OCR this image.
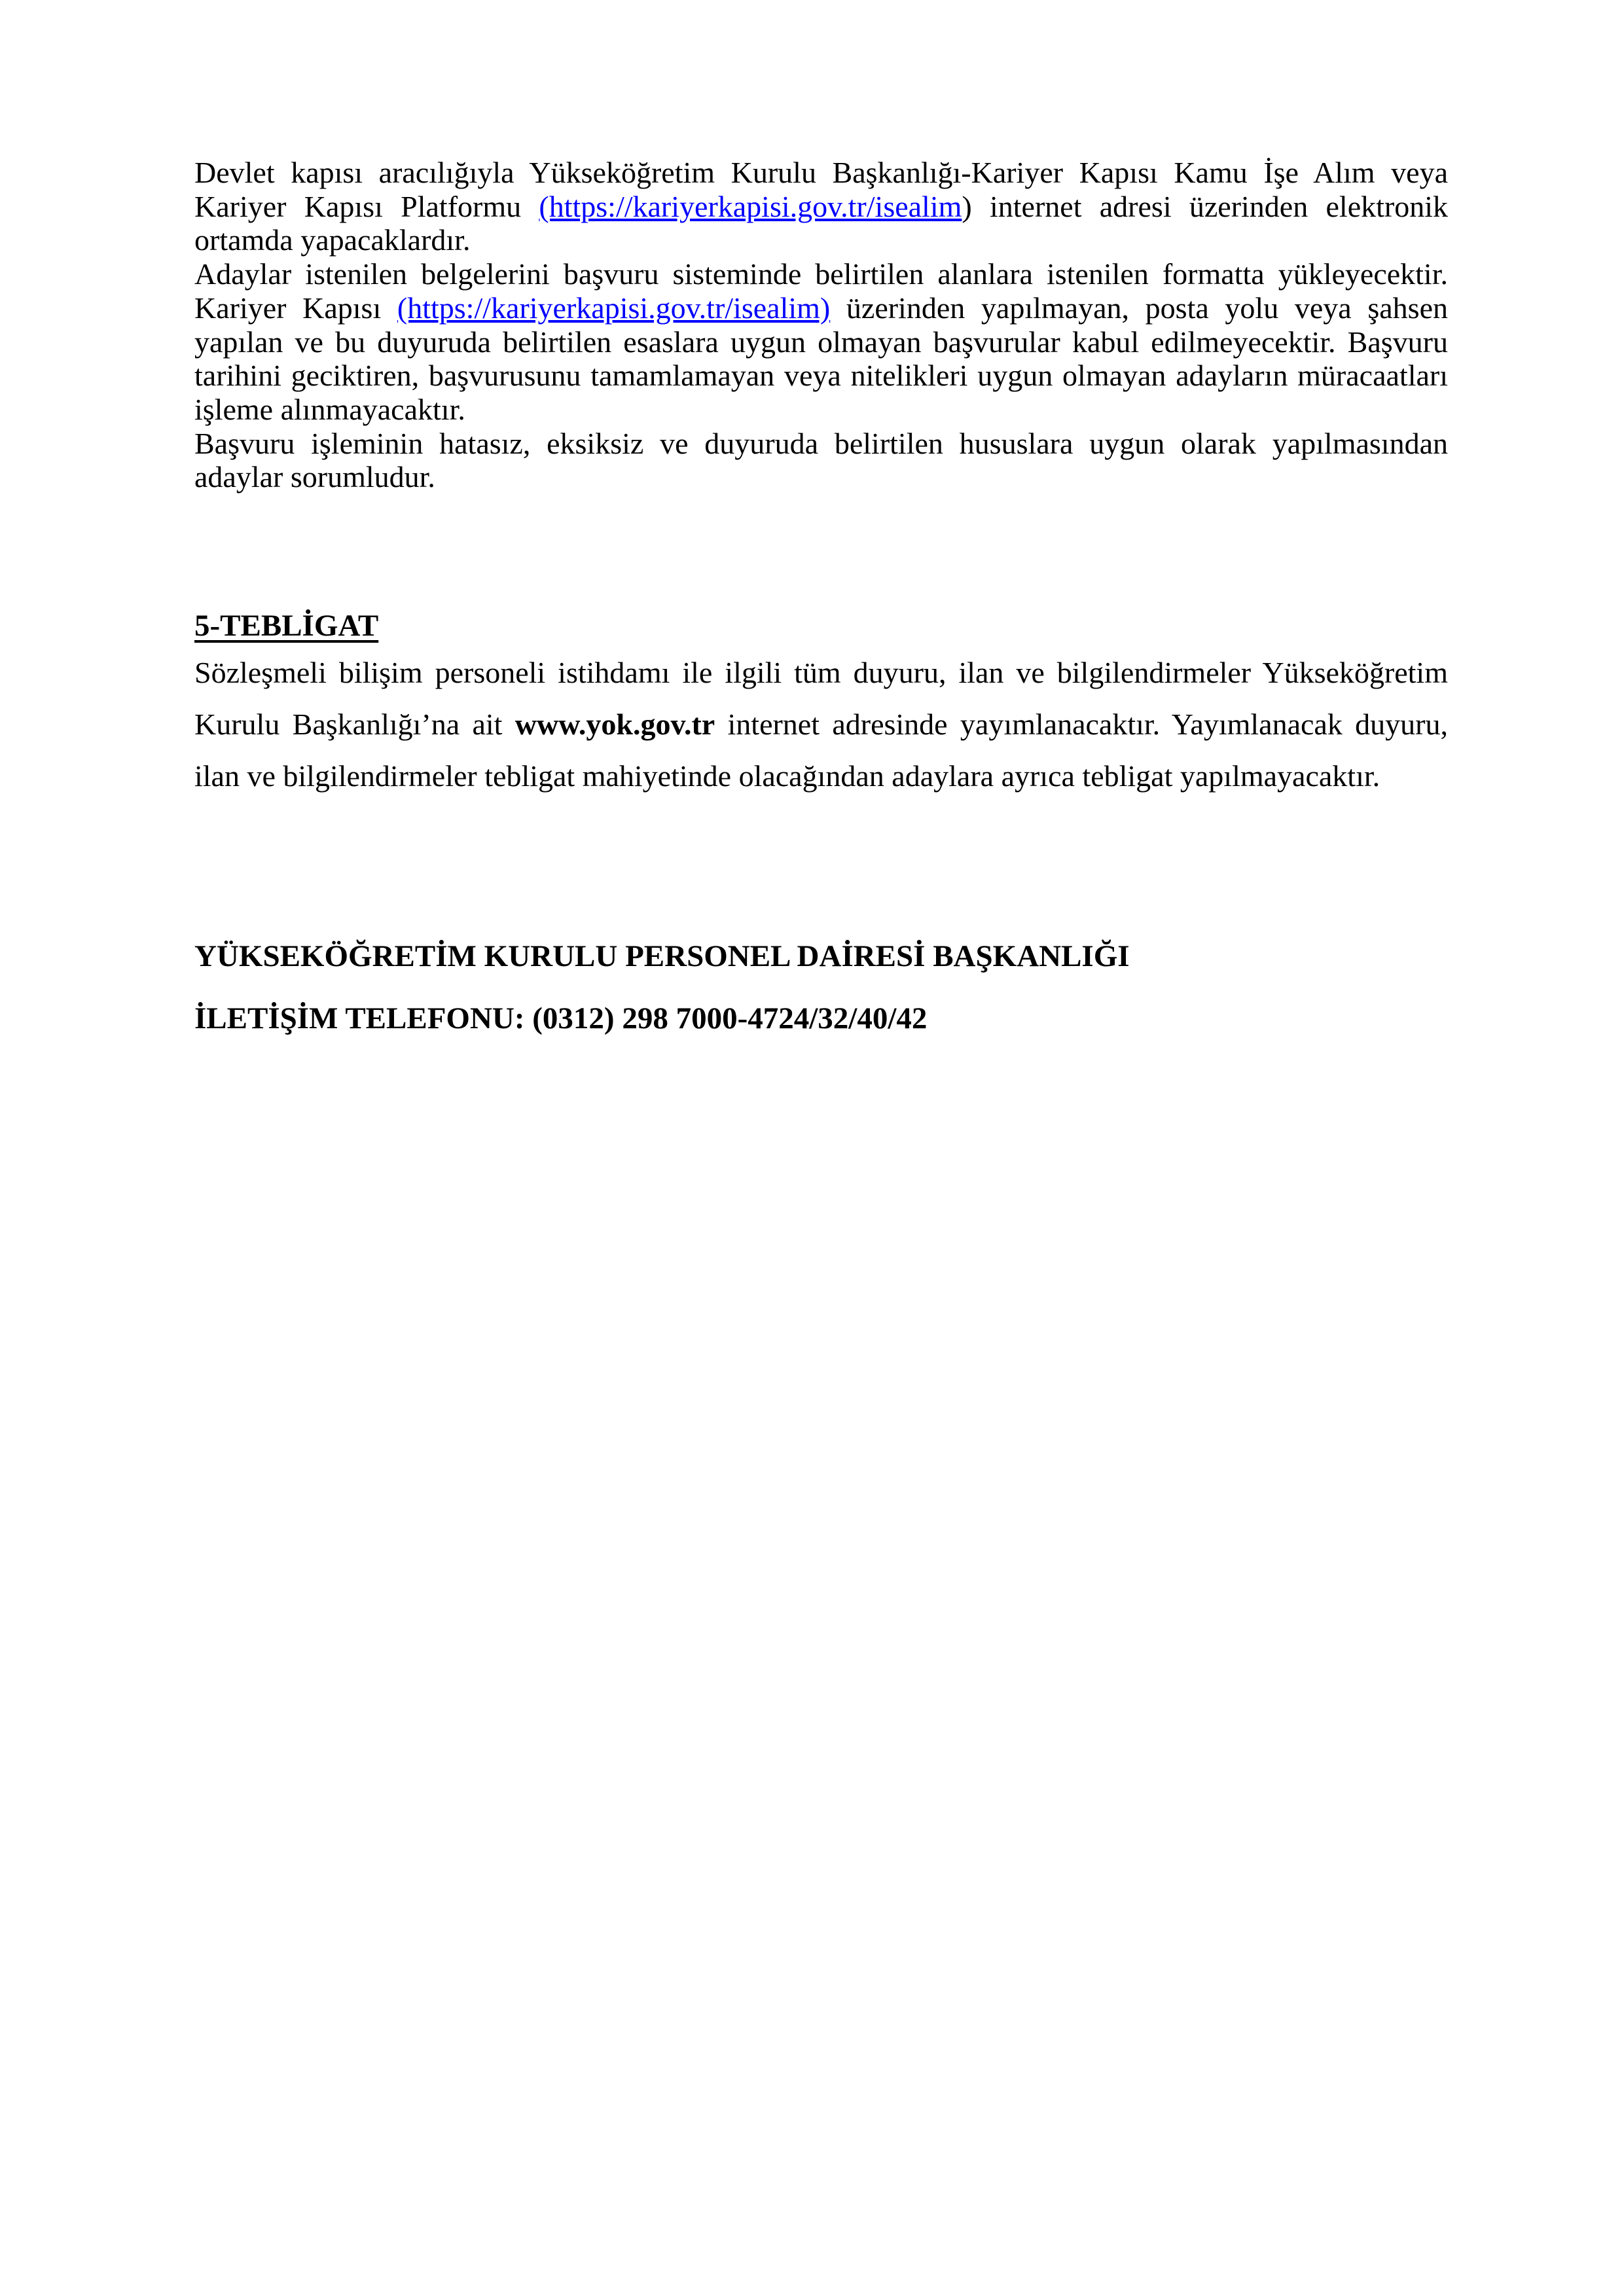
Devlet kapısı aracılığıyla Yükseköğretim Kurulu Başkanlığı-Kariyer Kapısı Kamu İşe Alım veya Kariyer Kapısı Platformu (https://kariyerkapisi.gov.tr/isealim) internet adresi üzerinden elektronik ortamda yapacaklardır.

Adaylar istenilen belgelerini başvuru sisteminde belirtilen alanlara istenilen formatta yükleyecektir. Kariyer Kapısı (https://kariyerkapisi.gov.tr/isealim) üzerinden yapılmayan, posta yolu veya şahsen yapılan ve bu duyuruda belirtilen esaslara uygun olmayan başvurular kabul edilmeyecektir. Başvuru tarihini geciktiren, başvurusunu tamamlamayan veya nitelikleri uygun olmayan adayların müracaatları işleme alınmayacaktır.

Başvuru işleminin hatasız, eksiksiz ve duyuruda belirtilen hususlara uygun olarak yapılmasından adaylar sorumludur.

5-TEBLİGAT

Sözleşmeli bilişim personeli istihdamı ile ilgili tüm duyuru, ilan ve bilgilendirmeler Yükseköğretim Kurulu Başkanlığı’na ait www.yok.gov.tr internet adresinde yayımlanacaktır. Yayımlanacak duyuru, ilan ve bilgilendirmeler tebligat mahiyetinde olacağından adaylara ayrıca tebligat yapılmayacaktır.

YÜKSEKÖĞRETİM KURULU PERSONEL DAİRESİ BAŞKANLIĞI

İLETİŞİM TELEFONU: (0312) 298 7000-4724/32/40/42
